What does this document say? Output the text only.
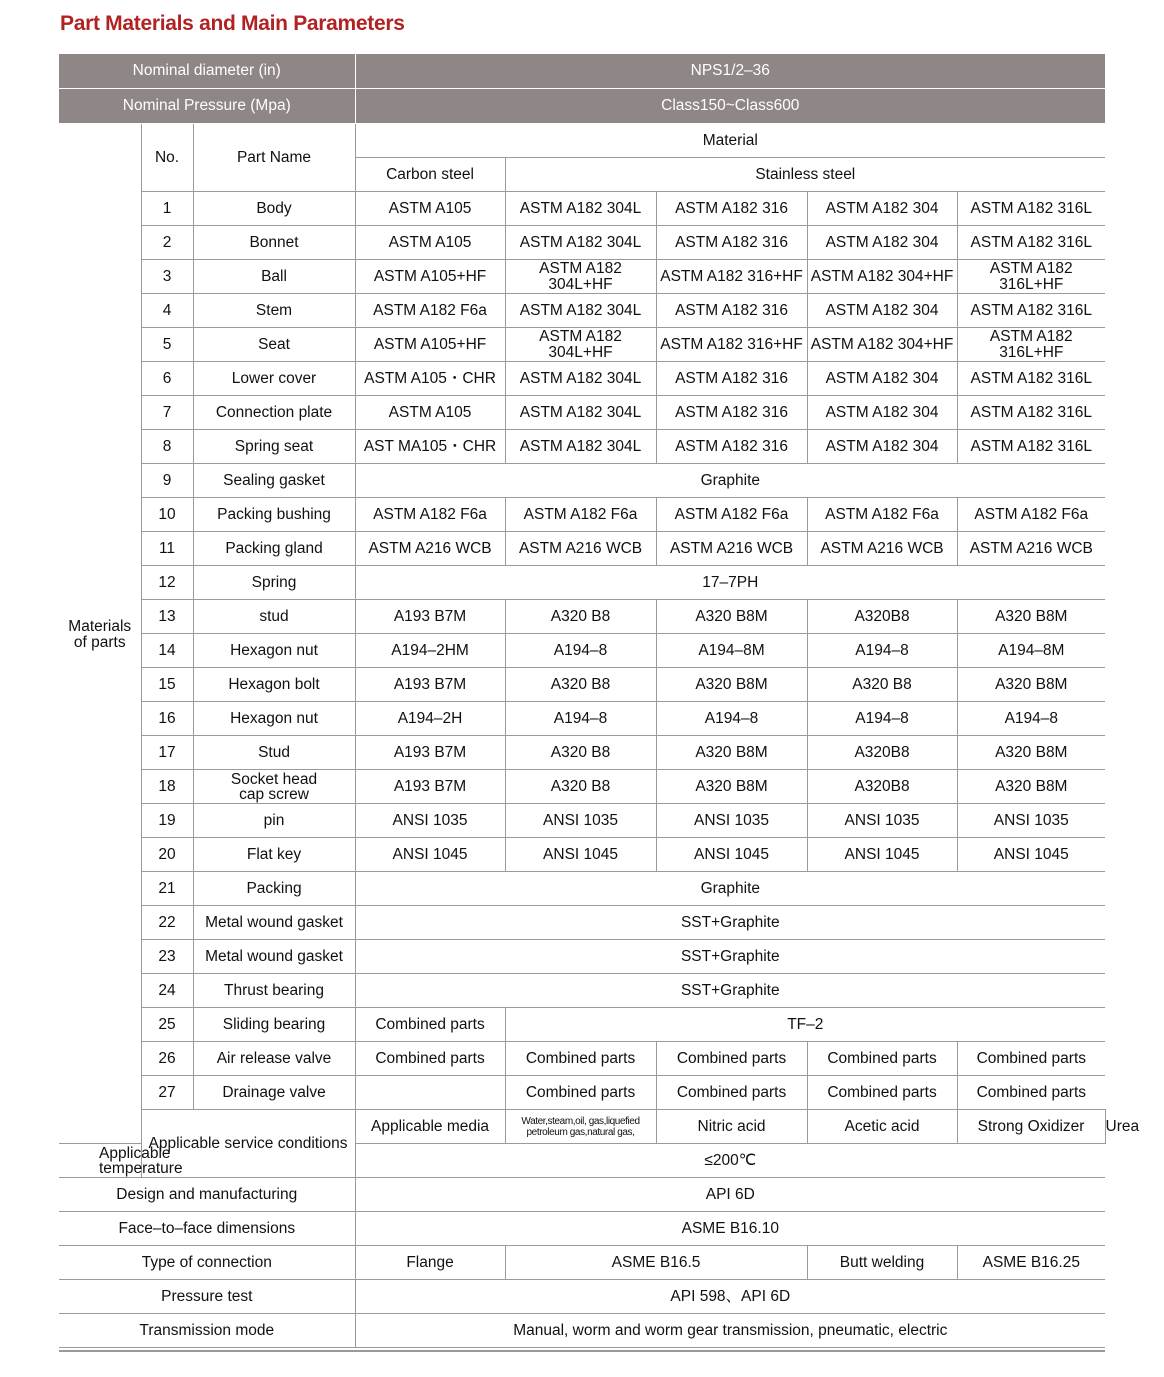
Part Materials and Main Parameters
Nominal diameter (in)			NPS1/2–36					
Nominal Pressure (Mpa)			Class150~Class600					
Materials of parts	No.	Part Name	Material					
			Carbon steel	Stainless steel				
	1	Body	ASTM A105	ASTM A182 304L	ASTM A182 316	ASTM A182 304	ASTM A182 316L	
	2	Bonnet	ASTM A105	ASTM A182 304L	ASTM A182 316	ASTM A182 304	ASTM A182 316L	
	3	Ball	ASTM A105+HF	ASTM A182 304L+HF	ASTM A182 316+HF	ASTM A182 304+HF	ASTM A182 316L+HF	
	4	Stem	ASTM A182 F6a	ASTM A182 304L	ASTM A182 316	ASTM A182 304	ASTM A182 316L	
	5	Seat	ASTM A105+HF	ASTM A182 304L+HF	ASTM A182 316+HF	ASTM A182 304+HF	ASTM A182 316L+HF	
	6	Lower cover	ASTM A105・CHR	ASTM A182 304L	ASTM A182 316	ASTM A182 304	ASTM A182 316L	
	7	Connection plate	ASTM A105	ASTM A182 304L	ASTM A182 316	ASTM A182 304	ASTM A182 316L	
	8	Spring seat	AST MA105・CHR	ASTM A182 304L	ASTM A182 316	ASTM A182 304	ASTM A182 316L	
	9	Sealing gasket	Graphite					
	10	Packing bushing	ASTM A182 F6a	ASTM A182 F6a	ASTM A182 F6a	ASTM A182 F6a	ASTM A182 F6a	
	11	Packing gland	ASTM A216 WCB	ASTM A216 WCB	ASTM A216 WCB	ASTM A216 WCB	ASTM A216 WCB	
	12	Spring	17–7PH					
	13	stud	A193 B7M	A320 B8	A320 B8M	A320B8	A320 B8M	
	14	Hexagon nut	A194–2HM	A194–8	A194–8M	A194–8	A194–8M	
	15	Hexagon bolt	A193 B7M	A320 B8	A320 B8M	A320 B8	A320 B8M	
	16	Hexagon nut	A194–2H	A194–8	A194–8	A194–8	A194–8	
	17	Stud	A193 B7M	A320 B8	A320 B8M	A320B8	A320 B8M	
	18	Socket head cap screw	A193 B7M	A320 B8	A320 B8M	A320B8	A320 B8M	
	19	pin	ANSI 1035	ANSI 1035	ANSI 1035	ANSI 1035	ANSI 1035	
	20	Flat key	ANSI 1045	ANSI 1045	ANSI 1045	ANSI 1045	ANSI 1045	
	21	Packing	Graphite					
	22	Metal wound gasket	SST+Graphite					
	23	Metal wound gasket	SST+Graphite					
	24	Thrust bearing	SST+Graphite					
	25	Sliding bearing	Combined parts	TF–2				
	26	Air release valve	Combined parts	Combined parts	Combined parts	Combined parts	Combined parts	
	27	Drainage valve		Combined parts	Combined parts	Combined parts	Combined parts	
	Applicable service conditions		Applicable media	Water,steam,oil, gas,liquefied petroleum gas,natural gas,	Nitric acid	Acetic acid	Strong Oxidizer	Urea
Applicable temperature			≤200℃					
Design and manufacturing			API 6D					
Face–to–face dimensions			ASME B16.10					
Type of connection			Flange	ASME B16.5		Butt welding	ASME B16.25	
Pressure test			API 598、API 6D					
Transmission mode			Manual, worm and worm gear transmission, pneumatic, electric					
